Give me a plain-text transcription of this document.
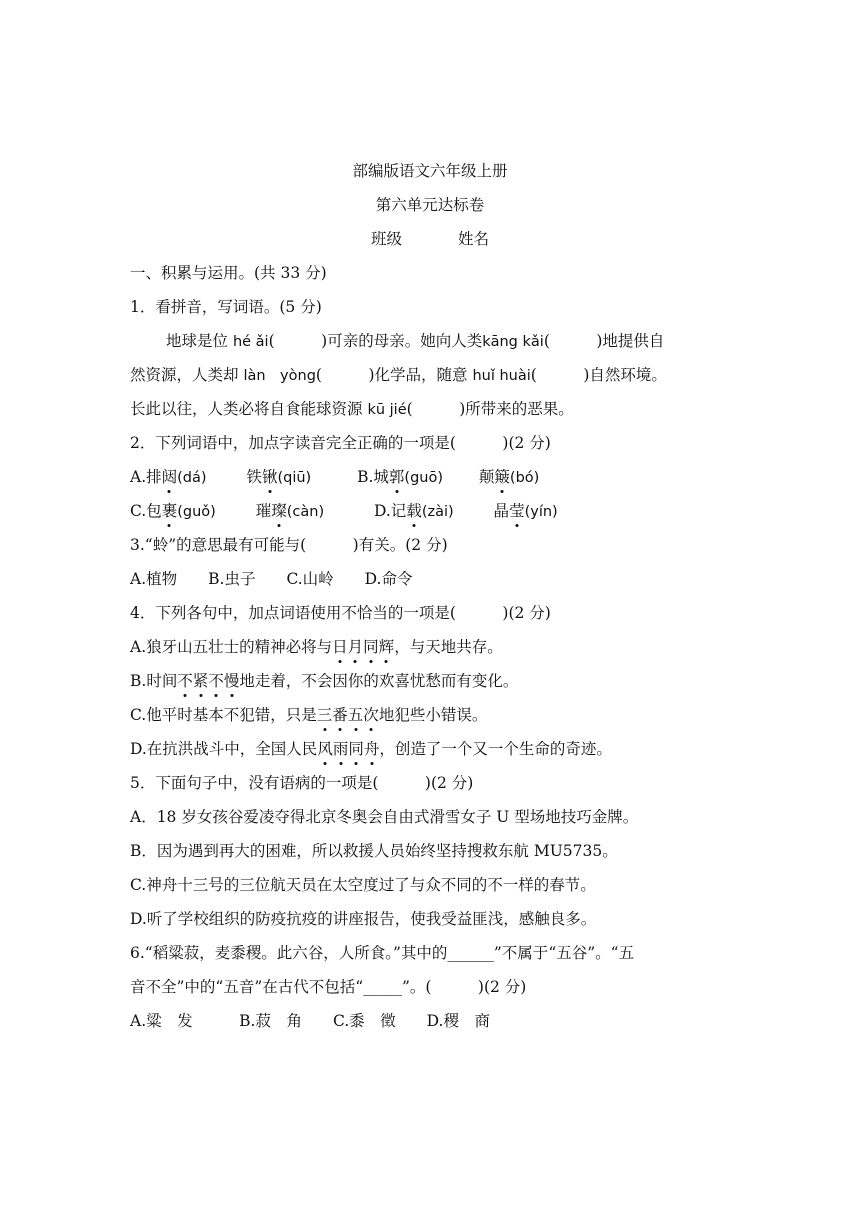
部编版语文六年级上册
第六单元达标卷
班级	姓名
一、积累与运用。(共 33 分)
1．看拼音，写词语。(5 分)
地球是位 hé ǎi(　　　)可亲的母亲。她向人类kāng kǎi(　　　)地提供自
然资源，人类却 làn　yòng(　　　)化学品，随意 huǐ huài(　　　)自然环境。
长此以往，人类必将自食能球资源 kū jié(　　　)所带来的恶果。
2．下列词语中，加点字读音完全正确的一项是(　　　)(2 分)
A.排闼(dá)	铁锹(qiū)	B.城郭(guō) 颠簸(bó)
C.包裹(guǒ)	璀璨(càn)	D.记载(zài)	晶莹(yín)
3.“蛉”的意思最有可能与(　　　)有关。(2 分)
A.植物　　B.虫子　　C.山岭　　D.命令
4．下列各句中，加点词语使用不恰当的一项是(　　　)(2 分)
A.狼牙山五壮士的精神必将与日月同辉，与天地共存。
B.时间不紧不慢地走着，不会因你的欢喜忧愁而有变化。
C.他平时基本不犯错，只是三番五次地犯些小错误。
D.在抗洪战斗中，全国人民风雨同舟，创造了一个又一个生命的奇迹。
5．下面句子中，没有语病的一项是(　　　)(2 分)
A．18 岁女孩谷爱凌夺得北京冬奥会自由式滑雪女子 U 型场地技巧金牌。
B．因为遇到再大的困难，所以救援人员始终坚持搜救东航 MU5735。
C.神舟十三号的三位航天员在太空度过了与众不同的不一样的春节。
D.听了学校组织的防疫抗疫的讲座报告，使我受益匪浅，感触良多。
6.“稻粱菽，麦黍稷。此六谷，人所食。”其中的______”不属于“五谷”。“五
音不全”中的“五音”在古代不包括“_____”。(　　　)(2 分)
A.粱　发　　　B.菽　角　　C.黍　徵　　D.稷　商
